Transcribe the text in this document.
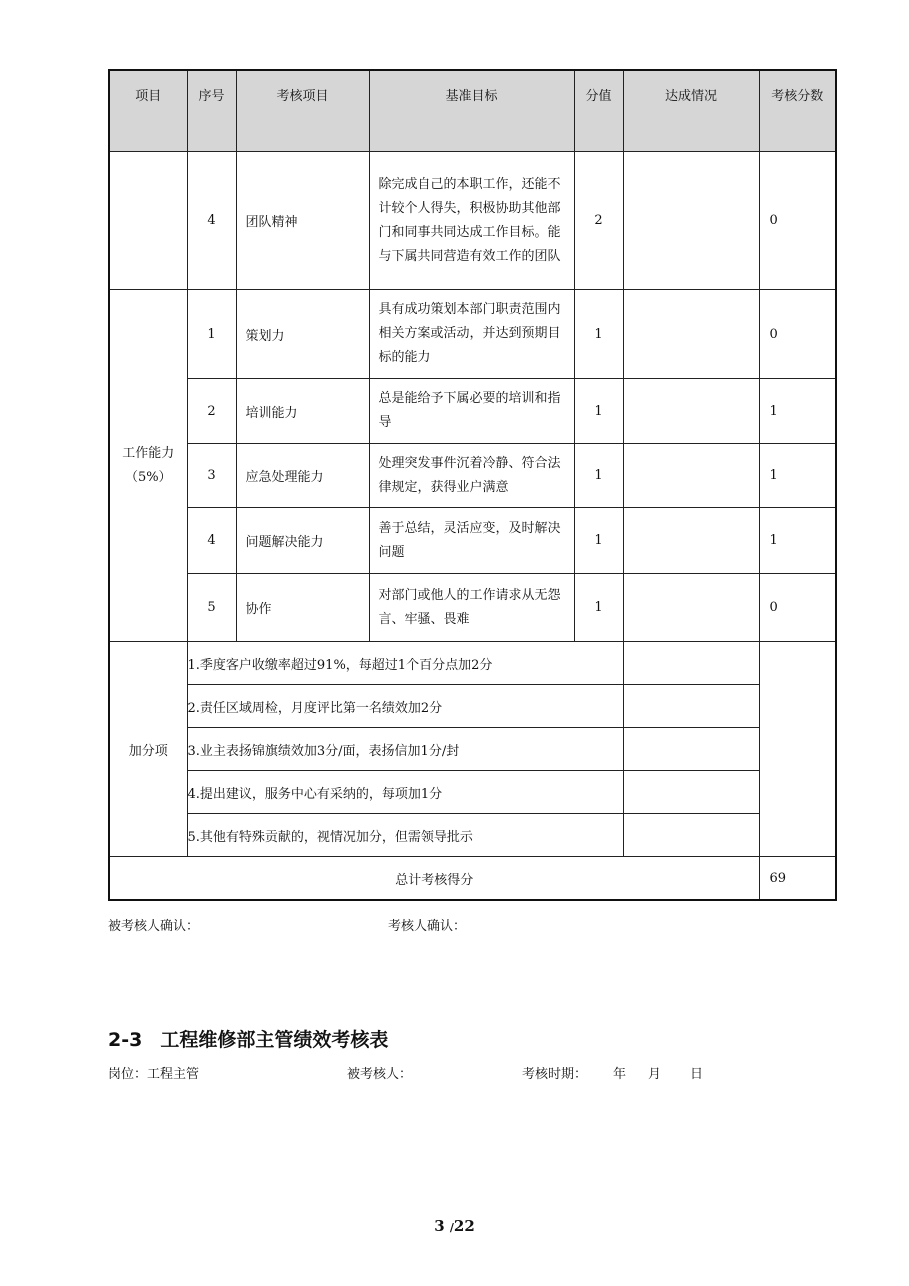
项目	序号	考核项目	基准目标	分值	达成情况	考核分数
	4	团队精神	除完成自己的本职工作，还能不计较个人得失，积极协助其他部门和同事共同达成工作目标。能与下属共同营造有效工作的团队	2		0
工作能力（5%）	1	策划力	具有成功策划本部门职责范围内相关方案或活动，并达到预期目标的能力	1		0
	2	培训能力	总是能给予下属必要的培训和指导	1		1
	3	应急处理能力	处理突发事件沉着冷静、符合法律规定，获得业户满意	1		1
	4	问题解决能力	善于总结，灵活应变，及时解决问题	1		1
	5	协作	对部门或他人的工作请求从无怨言、牢骚、畏难	1		0
加分项	1.季度客户收缴率超过91%，每超过1个百分点加2分					
	2.责任区域周检，月度评比第一名绩效加2分					
	3.业主表扬锦旗绩效加3分/面，表扬信加1分/封					
	4.提出建议，服务中心有采纳的，每项加1分					
	5.其他有特殊贡献的，视情况加分，但需领导批示					
总计考核得分						69
被考核人确认：	考核人确认：
2-3 工程维修部主管绩效考核表
岗位：工程主管	被考核人：	考核时期： 年 月 日
3 /22
